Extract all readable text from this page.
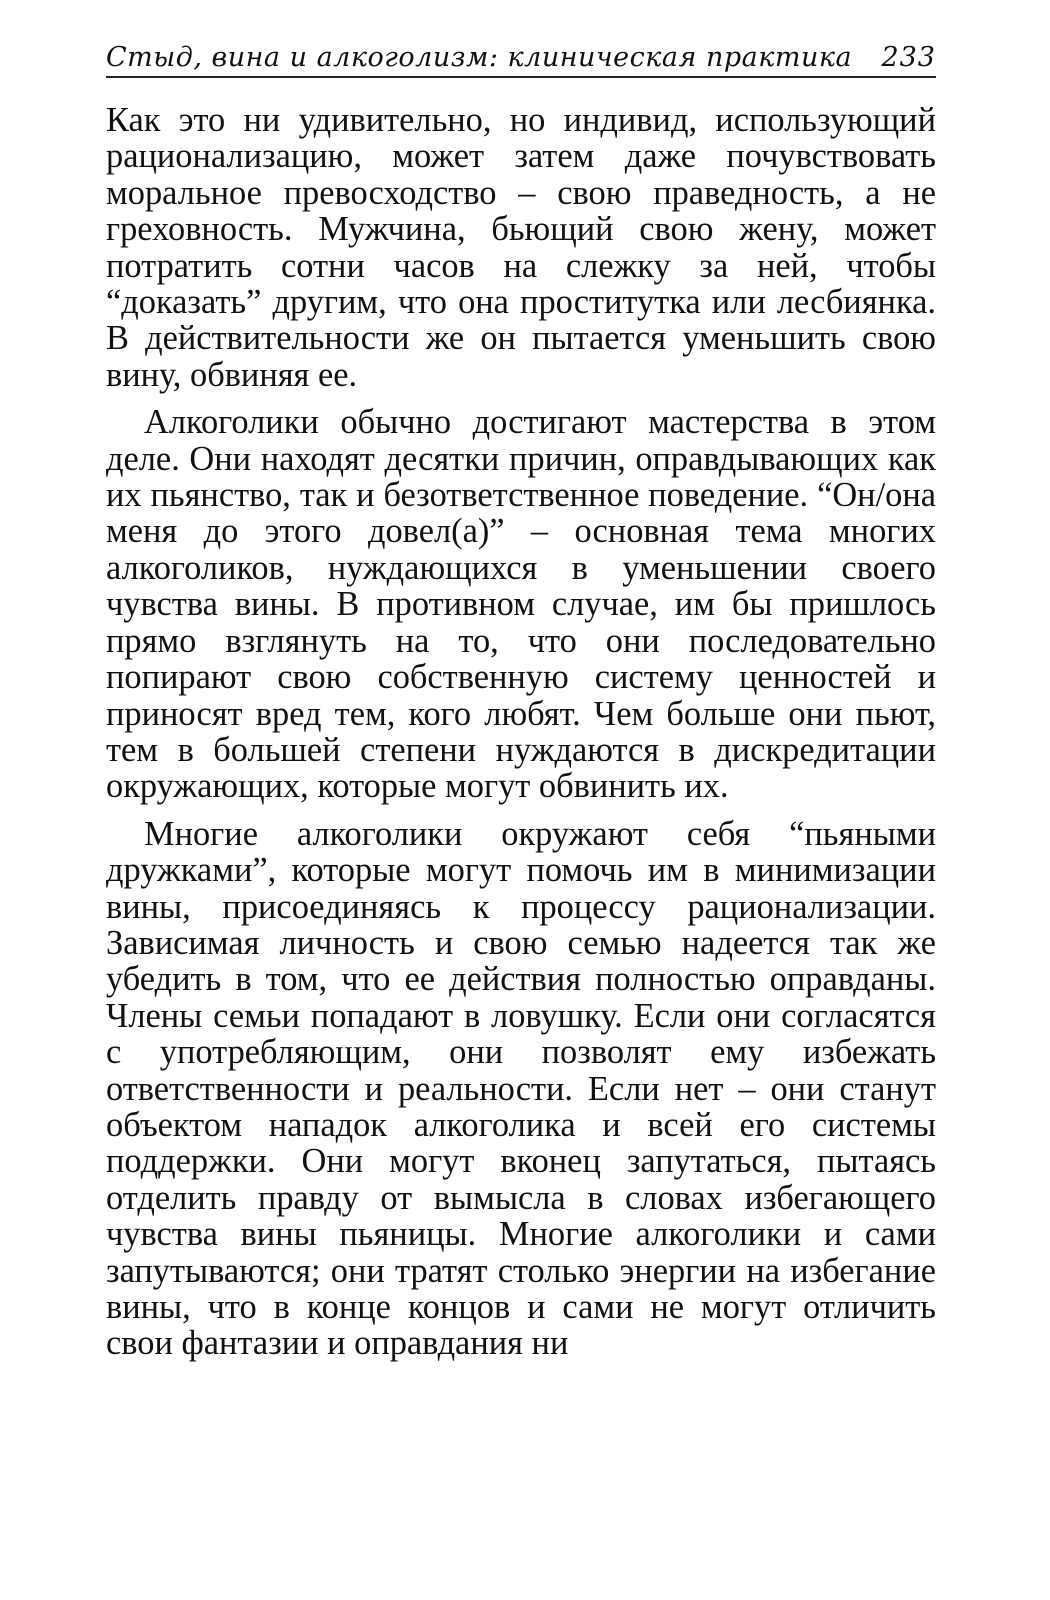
Стыд, вина и алкоголизм: клиническая практика 233

Как это ни удивительно, но индивид, использующий рационализацию, может затем даже почувствовать моральное превосходство – свою праведность, а не греховность. Мужчина, бьющий свою жену, может потратить сотни часов на слежку за ней, чтобы “доказать” другим, что она проститутка или лесбиянка. В действительности же он пытается уменьшить свою вину, обвиняя ее.

Алкоголики обычно достигают мастерства в этом деле. Они находят десятки причин, оправдывающих как их пьянство, так и безответственное поведение. “Он/она меня до этого довел(а)” – основная тема многих алкоголиков, нуждающихся в уменьшении своего чувства вины. В противном случае, им бы пришлось прямо взглянуть на то, что они последовательно попирают свою собственную систему ценностей и приносят вред тем, кого любят. Чем больше они пьют, тем в большей степени нуждаются в дискредитации окружающих, которые могут обвинить их.

Многие алкоголики окружают себя “пьяными дружками”, которые могут помочь им в минимизации вины, присоединяясь к процессу рационализации. Зависимая личность и свою семью надеется так же убедить в том, что ее действия полностью оправданы. Члены семьи попадают в ловушку. Если они согласятся с употребляющим, они позволят ему избежать ответственности и реальности. Если нет – они станут объектом нападок алкоголика и всей его системы поддержки. Они могут вконец запутаться, пытаясь отделить правду от вымысла в словах избегающего чувства вины пьяницы. Многие алкоголики и сами запутываются; они тратят столько энергии на избегание вины, что в конце концов и сами не могут отличить свои фантазии и оправдания ни
